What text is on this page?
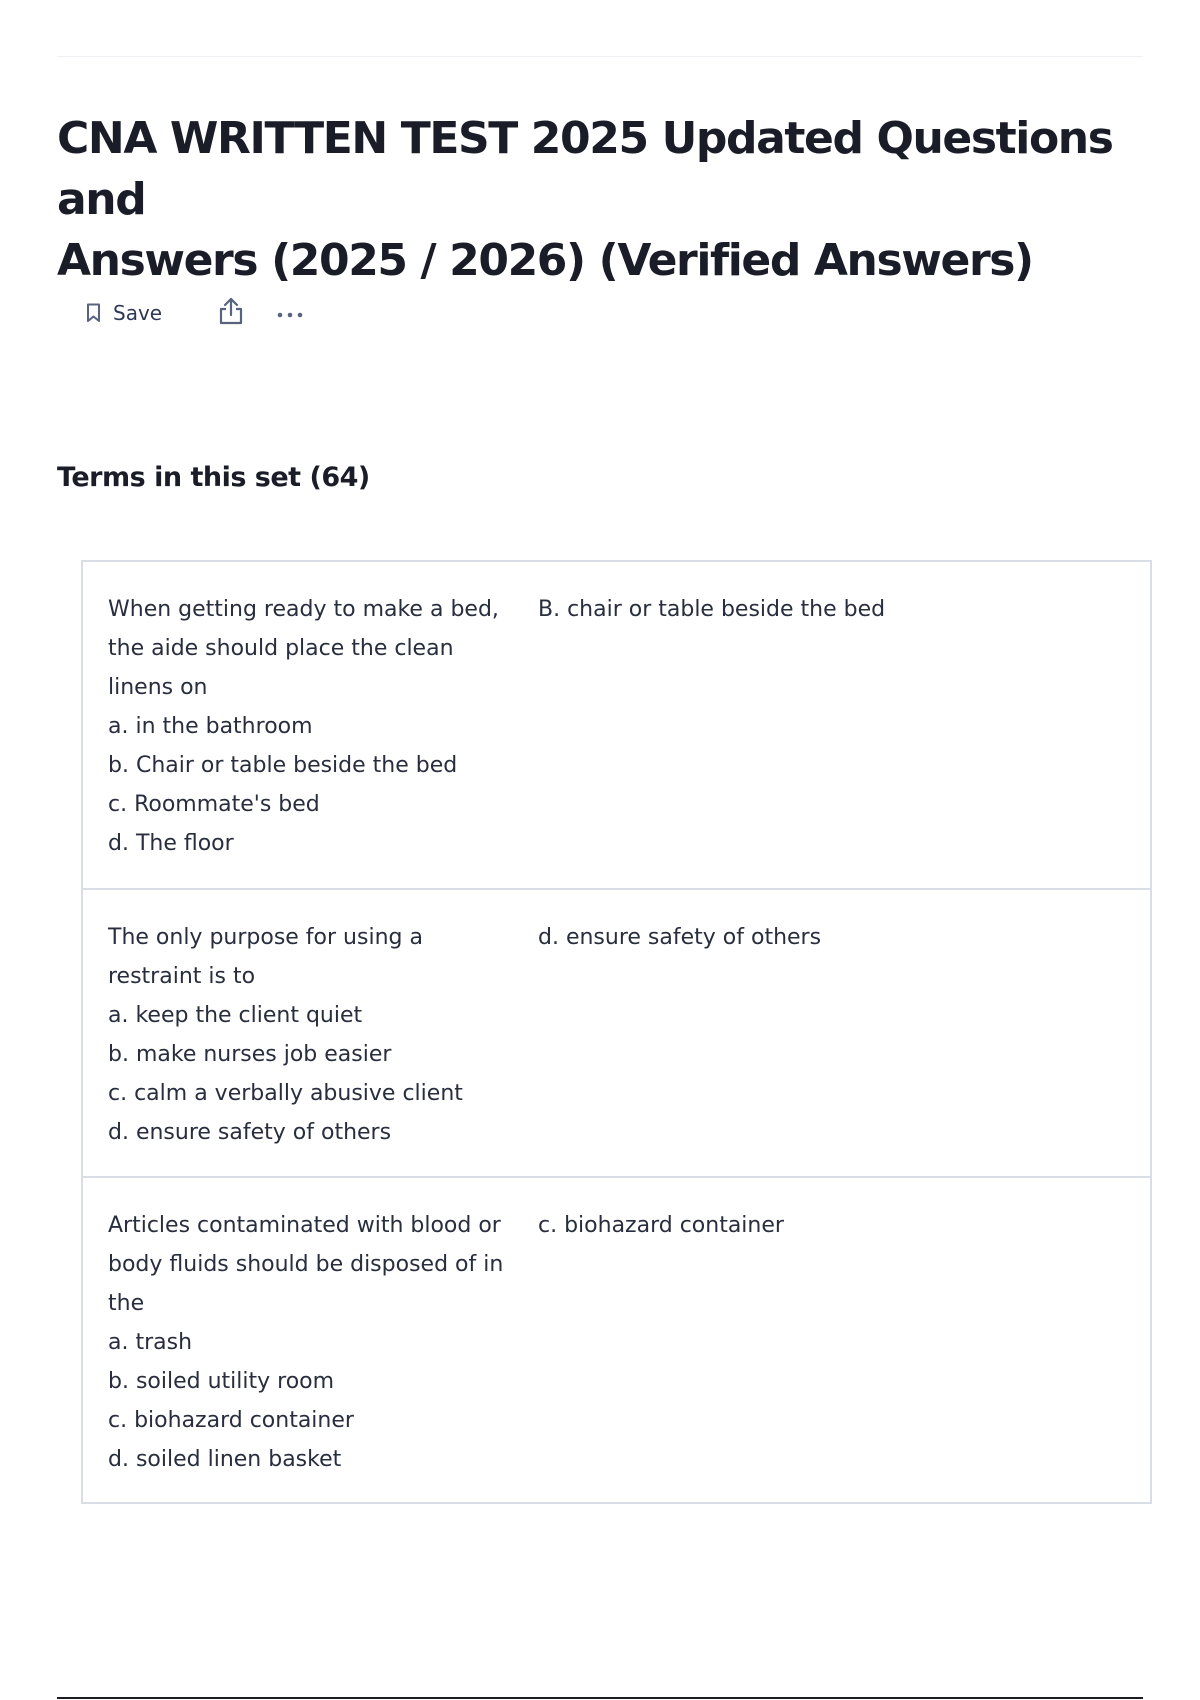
CNA WRITTEN TEST 2025 Updated Questions and
Answers (2025 / 2026) (Verified Answers)
Save
Terms in this set (64)
When getting ready to make a bed,
the aide should place the clean
linens on
a. in the bathroom
b. Chair or table beside the bed
c. Roommate's bed
d. The floor
B. chair or table beside the bed
The only purpose for using a
restraint is to
a. keep the client quiet
b. make nurses job easier
c. calm a verbally abusive client
d. ensure safety of others
d. ensure safety of others
Articles contaminated with blood or
body fluids should be disposed of in
the
a. trash
b. soiled utility room
c. biohazard container
d. soiled linen basket
c. biohazard container
